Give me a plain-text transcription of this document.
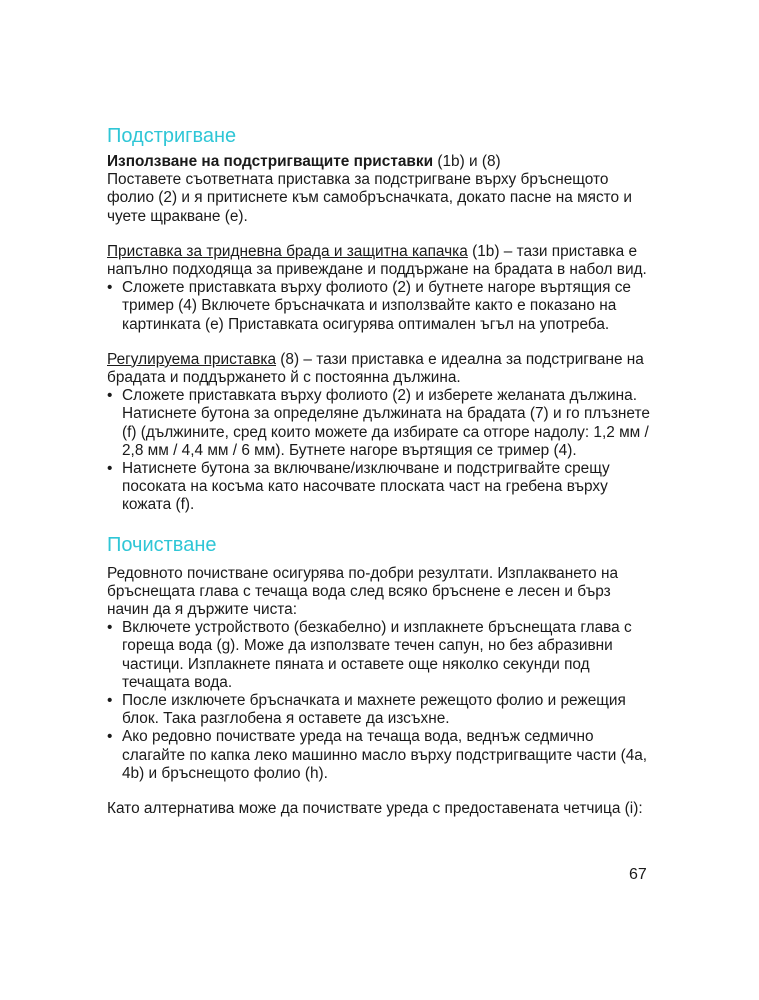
Подстригване

Използване на подстригващите приставки (1b) и (8)

Поставете съответната приставка за подстригване върху бръснещото фолио (2) и я притиснете към самобръсначката, докато пасне на място и чуете щракване (e).

Приставка за тридневна брада и защитна капачка (1b) – тази приставка е напълно подходяща за привеждане и поддържане на брадата в набол вид.

• Сложете приставката върху фолиото (2) и бутнете нагоре въртящия се тример (4) Включете бръсначката и използвайте както е показано на картинката (e) Приставката осигурява оптимален ъгъл на употреба.

Регулируема приставка (8) – тази приставка е идеална за подстригване на брадата и поддържането й с постоянна дължина.

• Сложете приставката върху фолиото (2) и изберете желаната дължина. Натиснете бутона за определяне дължината на брадата (7) и го плъзнете (f) (дължините, сред които можете да избирате са отгоре надолу: 1,2 мм / 2,8 мм / 4,4 мм / 6 мм). Бутнете нагоре въртящия се тример (4).
• Натиснете бутона за включване/изключване и подстригвайте срещу посоката на косъма като насочвате плоската част на гребена върху кожата (f).
Почистване

Редовното почистване осигурява по-добри резултати. Изплакването на бръснещата глава с течаща вода след всяко бръснене е лесен и бърз начин да я държите чиста:

• Включете устройството (безкабелно) и изплакнете бръснещата глава с гореща вода (g). Може да използвате течен сапун, но без абразивни частици. Изплакнете пяната и оставете още няколко секунди под течащата вода.
• После изключете бръсначката и махнете режещото фолио и режещия блок. Така разглобена я оставете да изсъхне.
• Ако редовно почиствате уреда на течаща вода, веднъж седмично слагайте по капка леко машинно масло върху подстригващите части (4a, 4b) и бръснещото фолио (h).

Като алтернатива може да почиствате уреда с предоставената четчица (i):

67
